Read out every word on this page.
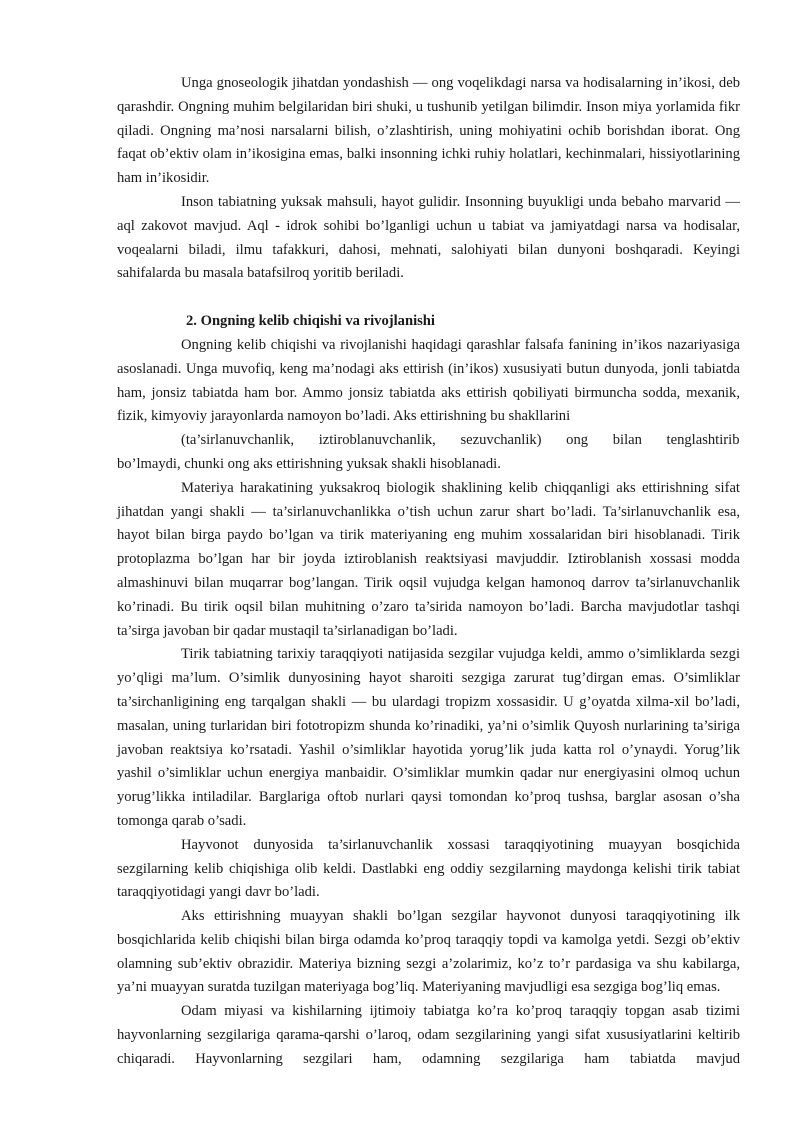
Unga gnoseologik jihatdan yondashish — ong voqelikdagi narsa va hodisalarning in’ikosi, deb qarashdir. Ongning muhim belgilaridan biri shuki, u tushunib yetilgan bilimdir. Inson miya yorlamida fikr qiladi. Ongning ma’nosi narsalarni bilish, o’zlashtirish, uning mohiyatini ochib borishdan iborat. Ong faqat ob’ektiv olam in’ikosigina emas, balki insonning ichki ruhiy holatlari, kechinmalari, hissiyotlarining ham in’ikosidir.

Inson tabiatning yuksak mahsuli, hayot gulidir. Insonning buyukligi unda bebaho marvarid — aql zakovot mavjud. Aql - idrok sohibi bo’lganligi uchun u tabiat va jamiyatdagi narsa va hodisalar, voqealarni biladi, ilmu tafakkuri, dahosi, mehnati, salohiyati bilan dunyoni boshqaradi. Keyingi sahifalarda bu masala batafsilroq yoritib beriladi.

2. Ongning kelib chiqishi va rivojlanishi

Ongning kelib chiqishi va rivojlanishi haqidagi qarashlar falsafa fanining in’ikos nazariyasiga asoslanadi. Unga muvofiq, keng ma’nodagi aks ettirish (in’ikos) xususiyati butun dunyoda, jonli tabiatda ham, jonsiz tabiatda ham bor. Ammo jonsiz tabiatda aks ettirish qobiliyati birmuncha sodda, mexanik, fizik, kimyoviy jarayonlarda namoyon bo’ladi. Aks ettirishning bu shakllarini

(ta’sirlanuvchanlik, iztiroblanuvchanlik, sezuvchanlik) ong bilan tenglashtirib

bo’lmaydi, chunki ong aks ettirishning yuksak shakli hisoblanadi.

Materiya harakatining yuksakroq biologik shaklining kelib chiqqanligi aks ettirishning sifat jihatdan yangi shakli — ta’sirlanuvchanlikka o’tish uchun zarur shart bo’ladi. Ta’sirlanuvchanlik esa, hayot bilan birga paydo bo’lgan va tirik materiyaning eng muhim xossalaridan biri hisoblanadi. Tirik protoplazma bo’lgan har bir joyda iztiroblanish reaktsiyasi mavjuddir. Iztiroblanish xossasi modda almashinuvi bilan muqarrar bog’langan. Tirik oqsil vujudga kelgan hamonoq darrov ta’sirlanuvchanlik ko’rinadi. Bu tirik oqsil bilan muhitning o’zaro ta’sirida namoyon bo’ladi. Barcha mavjudotlar tashqi ta’sirga javoban bir qadar mustaqil ta’sirlanadigan bo’ladi.

Tirik tabiatning tarixiy taraqqiyoti natijasida sezgilar vujudga keldi, ammo o’simliklarda sezgi yo’qligi ma’lum. O’simlik dunyosining hayot sharoiti sezgiga zarurat tug’dirgan emas. O’simliklar ta’sirchanligining eng tarqalgan shakli — bu ulardagi tropizm xossasidir. U g’oyatda xilma-xil bo’ladi, masalan, uning turlaridan biri fototropizm shunda ko’rinadiki, ya’ni o’simlik Quyosh nurlarining ta’siriga javoban reaktsiya ko’rsatadi. Yashil o’simliklar hayotida yorug’lik juda katta rol o’ynaydi. Yorug’lik yashil o’simliklar uchun energiya manbaidir. O’simliklar mumkin qadar nur energiyasini olmoq uchun yorug’likka intiladilar. Barglariga oftob nurlari qaysi tomondan ko’proq tushsa, barglar asosan o’sha tomonga qarab o’sadi.

Hayvonot dunyosida ta’sirlanuvchanlik xossasi taraqqiyotining muayyan bosqichida sezgilarning kelib chiqishiga olib keldi. Dastlabki eng oddiy sezgilarning maydonga kelishi tirik tabiat taraqqiyotidagi yangi davr bo’ladi.

Aks ettirishning muayyan shakli bo’lgan sezgilar hayvonot dunyosi taraqqiyotining ilk bosqichlarida kelib chiqishi bilan birga odamda ko’proq taraqqiy topdi va kamolga yetdi. Sezgi ob’ektiv olamning sub’ektiv obrazidir. Materiya bizning sezgi a’zolarimiz, ko’z to’r pardasiga va shu kabilarga, ya’ni muayyan suratda tuzilgan materiyaga bog’liq. Materiyaning mavjudligi esa sezgiga bog’liq emas.

Odam miyasi va kishilarning ijtimoiy tabiatga ko’ra ko’proq taraqqiy topgan asab tizimi hayvonlarning sezgilariga qarama-qarshi o’laroq, odam sezgilarining yangi sifat xususiyatlarini keltirib chiqaradi. Hayvonlarning sezgilari ham, odamning sezgilariga ham tabiatda mavjud
